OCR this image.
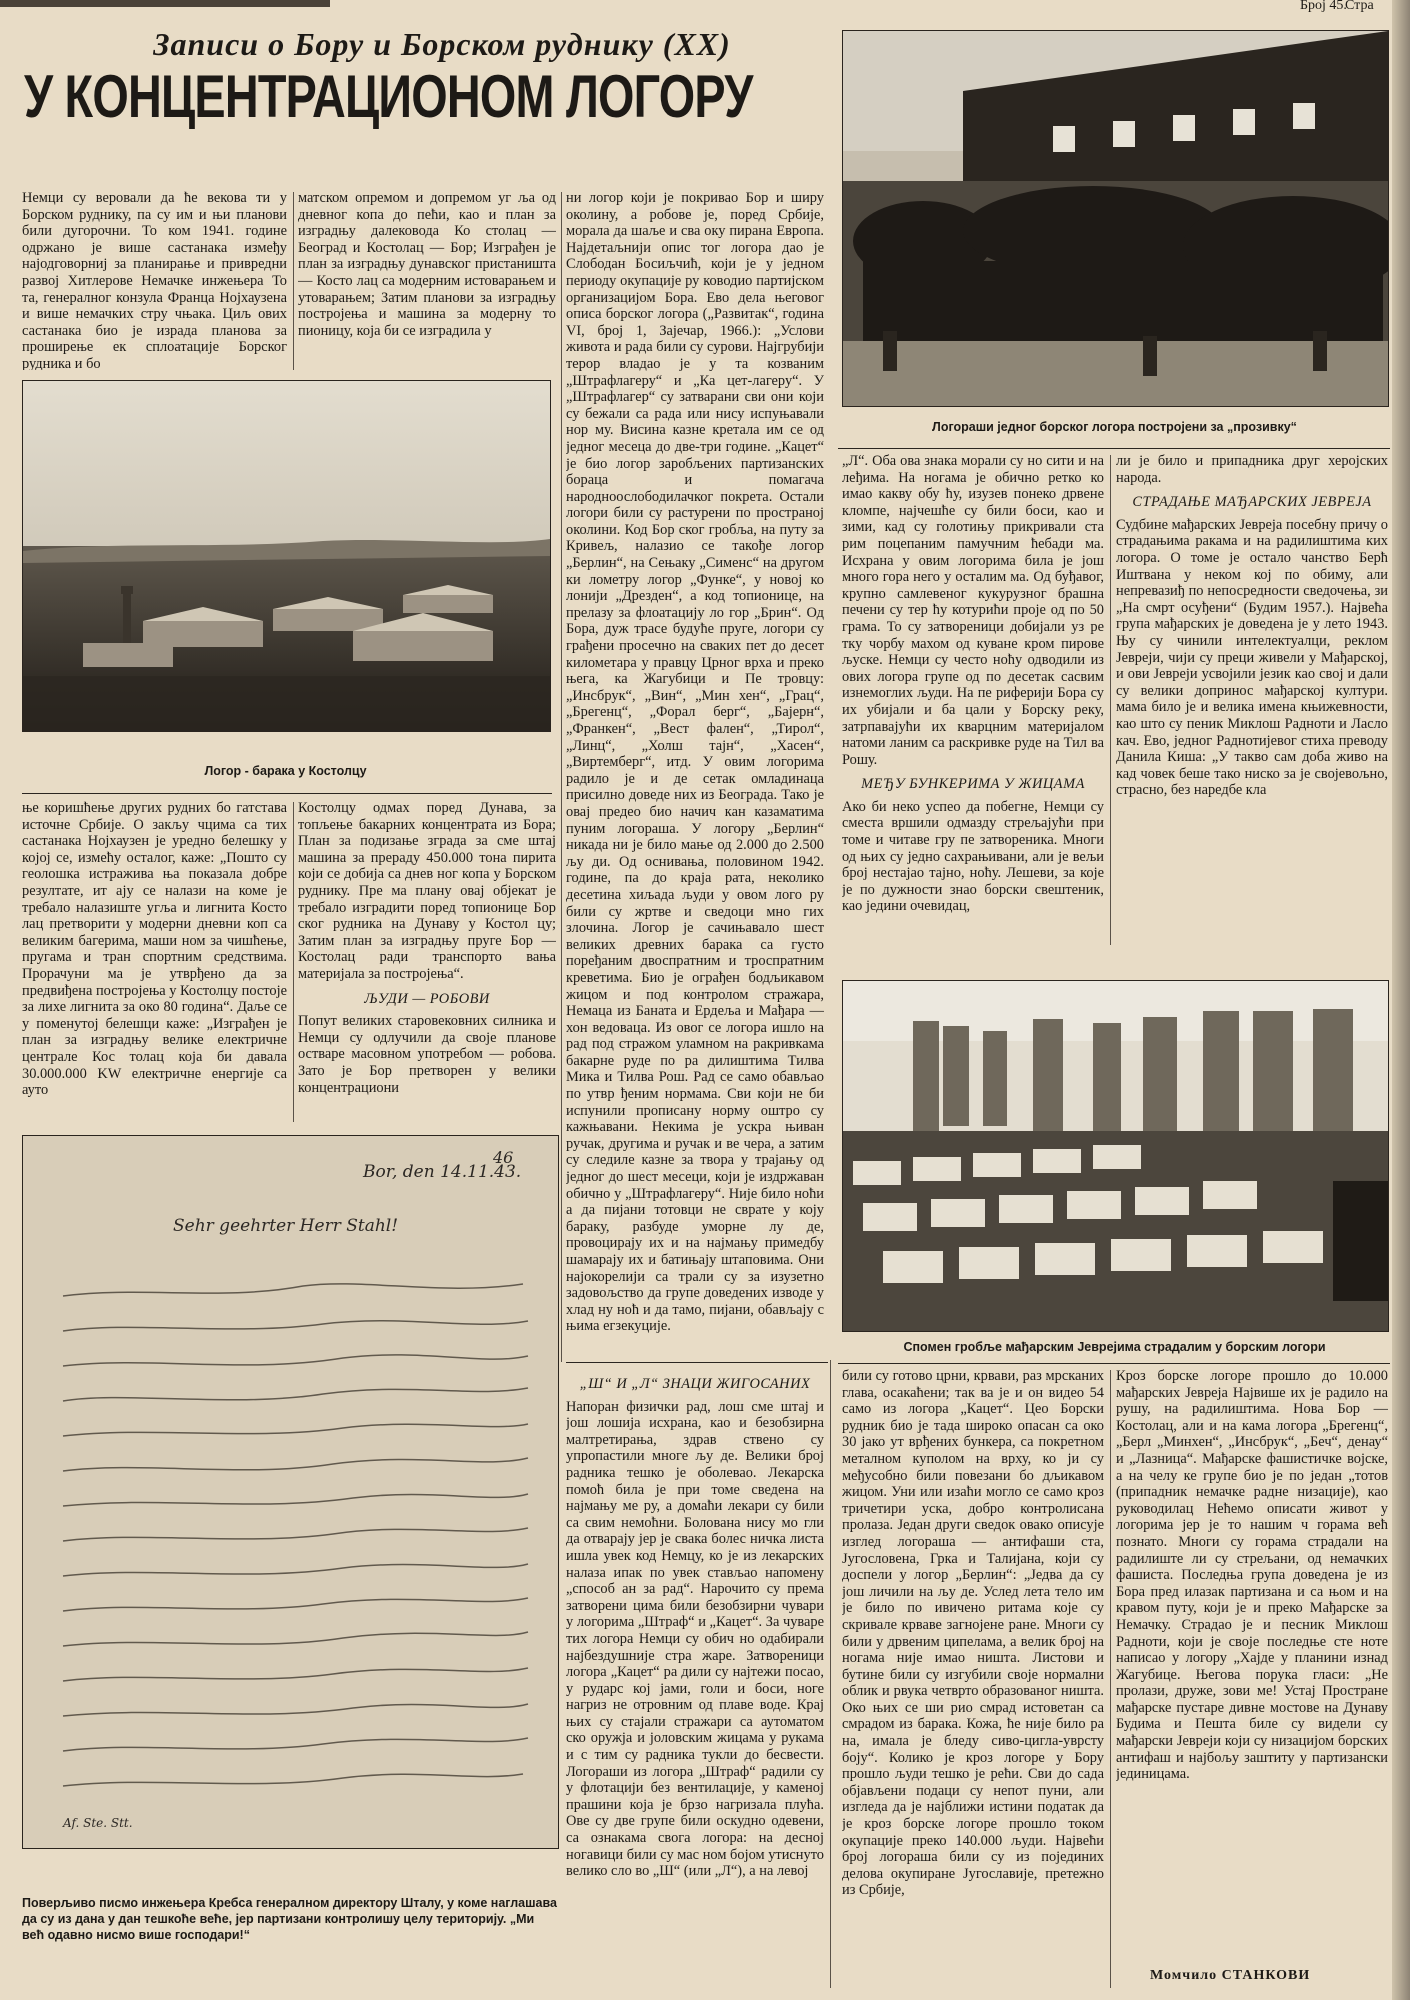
Број 45.
Стра
Записи о Бору и Борском руднику (XX)
У КОНЦЕНТРАЦИОНОМ ЛОГОРУ

Немци су веровали да ће векова ти у Борском руднику, па су им и њи планови били дугорочни. То ком 1941. године одржано је више састанака између најодговорниј за планирање и привредни развој Хитлерове Немачке инжењера То та, генералног конзула Франца Нојхаузена и више немачких стру чњака. Циљ ових састанака био је израда планова за проширење ек сплоатације Борског рудника и бо

матском опремом и допремом уг ља од дневног копа до пећи, као и план за изградњу далековода Ко столац — Београд и Костолац — Бор; Изграђен је план за изградњу дунавског пристаништа — Косто лац са модерним истоварањем и утоварањем; Затим планови за изградњу постројења и машина за модерну то пионицу, која би се изградила у

Логор - барака у Костолцу

ње коришћење других рудних бо гатстава источне Србије. О закљу чцима са тих састанака Нојхаузен је уредно белешку у којој се, измећу осталог, каже: „Пошто су геолошка истражива ња показала добре резултате, ит ају се налази на коме је требало налазиште угља и лигнита Косто лац претворити у модерни дневни коп са великим багерима, маши ном за чишћење, пругама и тран спортним средствима. Прорачуни ма је утврђено да за предвиђена постројења у Костолцу постоје за лихе лигнита за око 80 година“. Даље се у поменутој белешци каже: „Изграђен је план за изградњу велике електричне централе Кос толац која би давала 30.000.000 KW електричне енергије са ауто

Костолцу одмах поред Дунава, за топљење бакарних концентрата из Бора; План за подизање зграда за сме штај машина за прераду 450.000 тона пирита који се добија са днев ног копа у Борском руднику. Пре ма плану овај објекат је требало изградити поред топионице Бор ског рудника на Дунаву у Костол цу; Затим план за изградњу пруге Бор — Костолац ради транспорто вања материјала за постројења“.

ЉУДИ — РОБОВИ

Попут великих старовековних силника и Немци су одлучили да своје планове остваре масовном употребом — робова. Зато је Бор претворен у велики концентрациони

46
Bor, den 14.11.43.
Sehr geehrter Herr Stahl!
Af. Ste. Stt.
Поверљиво писмо инжењера Кребса генералном директору Шталу, у коме наглашава да су из дана у дан тешкоће веће, јер партизани контролишу целу територију. „Ми већ одавно нисмо више господари!“

ни логор који је покривао Бор и ширу околину, а робове је, поред Србије, морала да шаље и сва оку пирана Европа. Најдетаљнији опис тог логора дао је Слободан Босиљчић, који је у једном периоду окупације ру ководио партијском организацијом Бора. Ево дела његовог описа борског логора („Развитак“, година VI, број 1, Зајечар, 1966.): „Услови живота и рада били су сурови. Најгрубији терор владао је у та козваним „Штрафлагеру“ и „Ка цет-лагеру“. У „Штрафлагер“ су затварани сви они који су бежали са рада или нису испуњавали нор му. Висина казне кретала им се од једног месеца до две-три године. „Кацет“ је био логор заробљених партизанских бораца и помагача народноослободилачког покрета. Остали логори били су растурени по пространој околини. Код Бор ског гробља, на путу за Кривељ, налазио се такође логор „Берлин“, на Сењаку „Сименс“ на другом ки лометру логор „Функе“, у новој ко лонији „Дрезден“, а код топионице, на прелазу за флоатацију ло гор „Брин“. Од Бора, дуж трасе будуће пруге, логори су грађени просечно на сваких пет до десет километара у правцу Црног врха и преко њега, ка Жагубици и Пе тровцу: „Инсбрук“, „Вин“, „Мин хен“, „Грац“, „Брегенц“, „Форал берг“, „Бајерн“, „Франкен“, „Вест фален“, „Тирол“, „Линц“, „Холш тајн“, „Хасен“, „Виртемберг“, итд. У овим логорима радило је и де сетак омладинаца присилно доведе них из Београда. Тако је овај предео био начич кан казаматима пуним логораша. У логору „Берлин“ никада ни је било мање од 2.000 до 2.500 љу ди. Од оснивања, половином 1942. године, па до краја рата, неколико десетина хиљада људи у овом лого ру били су жртве и сведоци мно гих злочина. Логор је сачињавало шест великих древних барака са густо поређаним двоспратним и троспратним креветима. Био је ограђен бодљикавом жицом и под контролом стражара, Немаца из Баната и Ердеља и Мађара — хон ведоваца. Из овог се логора ишло на рад под стражом уламном на ракривкама бакарне руде по ра дилиштима Тилва Мика и Тилва Рош. Рад се само обављао по утвр ђеним нормама. Сви који не би испунили прописану норму оштро су кажњавани. Некима је ускра њиван ручак, другима и ручак и ве чера, а затим су следиле казне за твора у трајању од једног до шест месеци, који је издржаван обично у „Штрафлагеру“. Није било ноћи а да пијани тотовци не сврате у коју бараку, разбуде уморне лу де, провоцирају их и на најмању примедбу шамарају их и батињају штаповима. Они најокорелији са трали су за изузетно задовољство да групе доведених изводе у хлад ну ноћ и да тамо, пијани, обављају с њима егзекуције.

„Ш“ И „Л“ ЗНАЦИ ЖИГОСАНИХ

Напоран физички рад, лош сме штај и још лошија исхрана, као и безобзирна малтретирања, здрав ствено су упропастили многе љу де. Велики број радника тешко је оболевао. Лекарска помоћ била је при томе сведена на најмању ме ру, а домаћи лекари су били са свим немоћни. Болована нису мо гли да отварају јер је свака болес ничка листа ишла увек код Немцу, ко је из лекарских налаза ипак по увек стављао напомену „способ ан за рад“. Нарочито су према затворени цима били безобзирни чувари у логорима „Штраф“ и „Кацет“. За чуваре тих логора Немци су обич но одабирали најбездушније стра жаре. Затвореници логора „Кацет“ ра дили су најтежи посао, у рударс кој јами, голи и боси, ноге нагриз не отровним од плаве воде. Крај њих су стајали стражари са аутоматом ско оружја и јоловским жицама у рукама и с тим су радника тукли до бесвести. Логораши из логора „Штраф“ радили су у флотацији без вентилације, у каменој прашини која је брзо нагризала плућа. Ове су две групе били оскудно одевени, са ознакама свога логора: на десној ногавици били су мас ном бојом утиснуто велико сло во „Ш“ (или „Л“), а на левој

Логораши једног борског логора постројени за „прозивку“

„Л“. Оба ова знака морали су но сити и на леђима. На ногама је обично ретко ко имао какву обу ћу, изузев понеко дрвене кломпе, најчешће су били боси, као и зими, кад су голотињу прикривали ста рим поцепаним памучним ћебади ма. Исхрана у овим логорима била је још много гора него у осталим ма. Од буђавог, крупно самлевеног кукурузног брашна печени су тер ћу котурићи пројe од по 50 грама. То су затвореници добијали уз ре тку чорбу махом од куване кром пирове љуске. Немци су често ноћу одводили из ових логора групе од по десетак сасвим изнемоглих људи. На пе риферији Бора су их убијали и ба цали у Борску реку, затрпавајући их кварцним материјалом натоми ланим са раскривке руде на Тил ва Рошу.

МЕЂУ БУНКЕРИМА У ЖИЦАМА

Ако би неко успео да побегне, Немци су сместа вршили одмазду стрељајући при томе и читаве гру пе затвореника. Многи од њих су једно сахрањивани, али је вељи број нестајао тајно, ноћу. Лешеви, за које је по дужности знао борски свештеник, као једини очевидац,

ли је било и припадника друг херојских народа.

СТРАДАЊЕ МАЂАРСКИХ ЈЕВРЕЈА

Судбине мађарских Јевреја посебну причу о страдањима ракама и на радилиштима ких логора. О томе је остало чанство Берћ Иштвана у неком кој по обиму, али непревазиђ по непосредности сведочења, зи „На смрт осуђени“ (Будим 1957.). Највећа група мађарских је доведена је у лето 1943. Њу су чинили интелектуалци, реклом Јевреји, чији су преци живели у Мађарској, и ови Јевреји усвојили језик као свој и дали су велики допринос мађарској култури. мама било је и велика имена књижевности, као што су пеник Миклош Радноти и Ласло кач. Ево, једног Раднотијевог стиха преводу Данила Киша: „У такво сам доба живо на кад човек беше тако ниско за је својевољно, страсно, без наредбе кла

Спомен гробље мађарским Јеврејима страдалим у борским логори

били су готово црни, крвави, раз мрсканих глава, осакаћени; так ва је и он видео 54 само из логора „Кацет“. Цео Борски рудник био је тада широко опасан са око 30 јако ут врђених бункера, са покретном метaлном куполом на врху, ко ји су међусобно били повезани бо дљикавом жицом. Уни или изаћи могло се само кроз тричетири уска, добро контролисана пролаза. Један други сведок овако описује изглед логораша — антифаши ста, Југословена, Грка и Талијана, који су доспели у логор „Берлин“: „Једва да су још личили на љу де. Услед лета тело им је било по ивичено ритама које су скривале крваве загнојене ране. Многи су били у дрвеним ципелама, а велик број на ногама није имао ништа. Листови и бутине били су изгубили своје нормални облик и рвука четврто образованог ништа. Око њих се ши рио смрад истоветан са смрадом из барака. Кожа, ће није било ра на, имала је бледу сиво-цигла-уврсту боју“. Колико је кроз логоре у Бору прошло људи тешко је рећи. Сви до сада објављени подаци су непот пуни, али изгледа да је најближи истини податак да је кроз борске логоре прошло током окупације преко 140.000 људи. Највећи број логораша били су из појединих делова окупиране Југославије, претежно из Србије,

Кроз борске логоре прошло до 10.000 мађарских Јевреја Највише их је радило на рушу, на радилиштима. Нова Бор — Костолац, али и на кама логора „Брегенц“, „Берл „Минхен“, „Инсбрук“, „Беч“, денау“ и „Лазница“. Мађарске фашистичке војске, а на челу ке групе био је по један „тотов (припадник немачке радне низације), као руководилац Нећемо описати живот у логорима јер је то нашим ч горама већ познато. Многи су горама страдали на радилиште ли су стрељани, од немачких фашиста. Последња група доведена је из Бора пред илазак партизана и са њом и на кравом путу, који је и преко Мађарске за Немачку. Страдао је и песник Миклош Радноти, који је своје последње сте ноте написао у логору „Хајде у планини изнад Жагубице. Његова порука гласи: „Не пролази, друже, зови ме! Устај Простране мађарске пустаре дивне мостове на Дунаву Будима и Пешта биле су видели су мађарски Јевреји који су низацијом борских антифаш и најбољу заштиту у партизански јединицама.

Момчило СТАНКОВИ
